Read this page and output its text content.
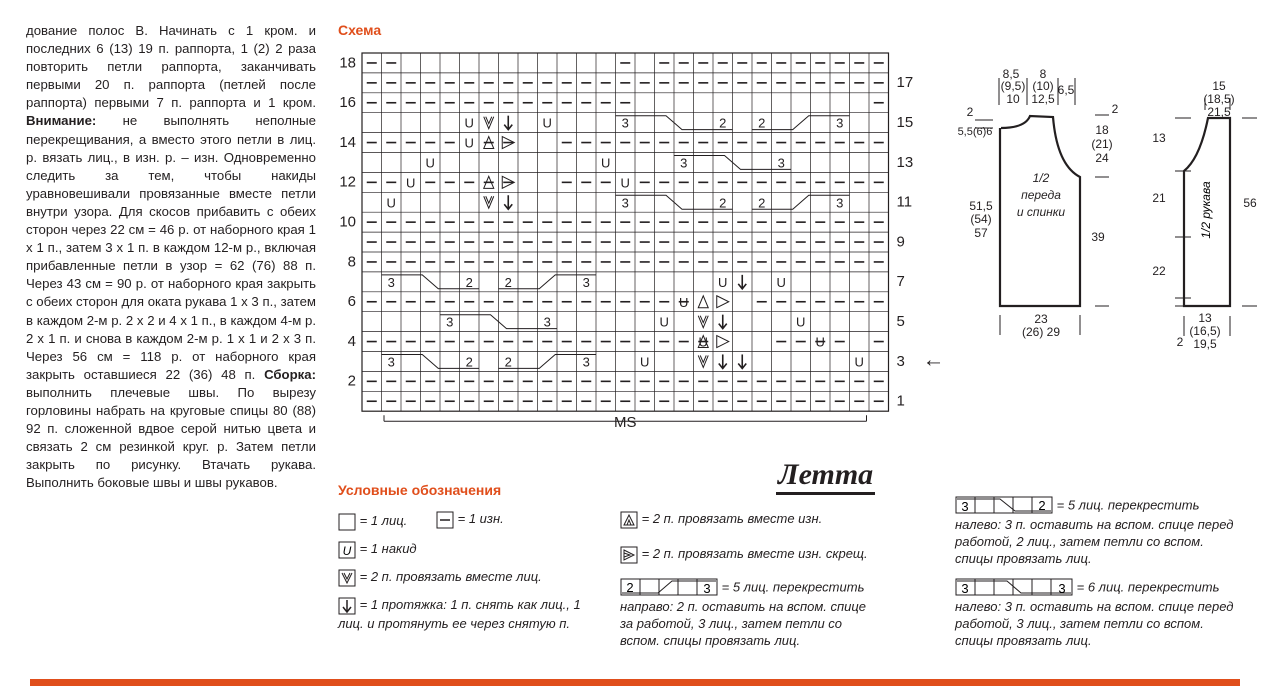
дование полос В. Начинать с 1 кром. и последних 6 (13) 19 п. раппорта, 1 (2) 2 раза повторить петли раппорта, заканчивать первыми 20 п. раппорта (петлей после раппорта) первыми 7 п. раппорта и 1 кром. Внимание: не выполнять неполные перекрещивания, а вместо этого петли в лиц. р. вязать лиц., в изн. р. – изн. Одновременно следить за тем, чтобы накиды уравновешивали провязанные вместе петли внутри узора. Для скосов прибавить с обеих сторон через 22 см = 46 р. от наборного края 1 х 1 п., затем 3 х 1 п. в каждом 12-м р., включая прибавленные петли в узор = 62 (76) 88 п. Через 43 см = 90 р. от наборного края закрыть с обеих сторон для оката рукава 1 х 3 п., затем в каждом 2-м р. 2 х 2 и 4 х 1 п., в каждом 4-м р. 2 х 1 п. и снова в каждом 2-м р. 1 х 1 и 2 х 3 п. Через 56 см = 118 р. от наборного края закрыть оставшиеся 22 (36) 48 п. Сборка: выполнить плечевые швы. По вырезу горловины набрать на круговые спицы 80 (88) 92 п. сложенной вдвое серой нитью цвета и связать 2 см резинкой круг. р. Затем петли закрыть по рисунку. Втачать рукава. Выполнить боковые швы и швы рукавов.

Схема
18
16
14
12
10
8
6
4
2
17
15
13
11
9
7
5
3
1
MS
←
U
U
U
U
U	U
U
U
U
U
U
U
U
U
U
U
U
3	2 2	3
3	3
3	2 2	3
3	2 2	3
3	3
3	2 2	3
8,5
(9,5)
10
8
(10)
12,5
6,5
2
5,5(6)6
2
18
(21)
24
51,5
(54)
57
1/2
переда
и спинки
39
23
(26) 29
15
(18,5)
21,5
13
21
22
56
13
(16,5)
19,5
2
1/2 рукава
Летта
Условные обозначения
= 1 лиц.	= 1 изн.
U = 1 накид
= 2 п. провязать вместе лиц.
= 1 протяжка: 1 п. снять как лиц., 1 лиц. и протянуть ее через снятую п.
= 2 п. провязать вместе изн.
= 2 п. провязать вместе изн. скрещ.
2	3 = 5 лиц. перекрестить направо: 2 п. оставить на вспом. спице за работой, 3 лиц., затем петли со вспом. спицы провязать лиц.
3	2 = 5 лиц. перекрестить налево: 3 п. оставить на вспом. спице перед работой, 2 лиц., затем петли со вспом. спицы провязать лиц.
3	3 = 6 лиц. перекрестить налево: 3 п. оставить на вспом. спице перед работой, 3 лиц., затем петли со вспом. спицы провязать лиц.
